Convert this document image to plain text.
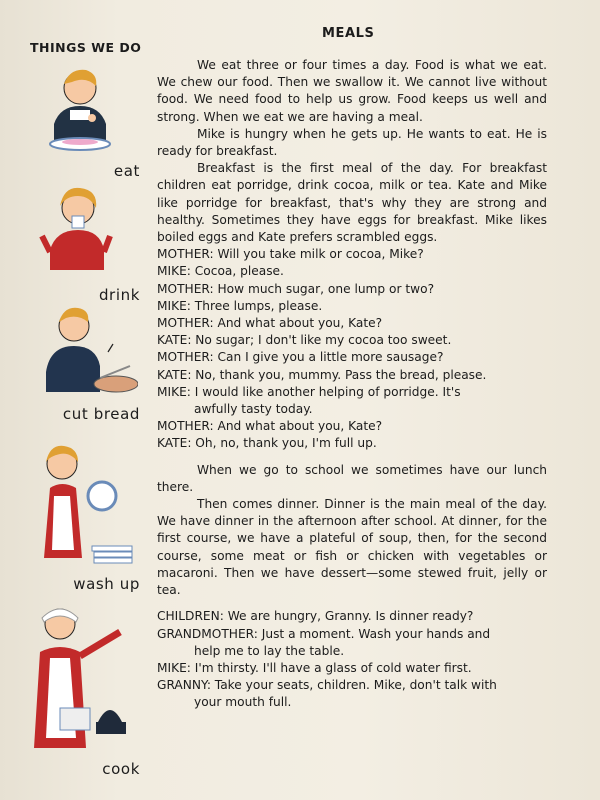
THINGS WE DO
MEALS
eat
drink
cut bread
wash up
cook

We eat three or four times a day. Food is what we eat. We chew our food. Then we swallow it. We cannot live without food. We need food to help us grow. Food keeps us well and strong. When we eat we are having a meal.

Mike is hungry when he gets up. He wants to eat. He is ready for breakfast.

Breakfast is the first meal of the day. For breakfast children eat porridge, drink cocoa, milk or tea. Kate and Mike like porridge for breakfast, that's why they are strong and healthy. Sometimes they have eggs for breakfast. Mike likes boiled eggs and Kate prefers scrambled eggs.

MOTHER: Will you take milk or cocoa, Mike?

MIKE: Cocoa, please.

MOTHER: How much sugar, one lump or two?

MIKE: Three lumps, please.

MOTHER: And what about you, Kate?

KATE: No sugar; I don't like my cocoa too sweet.

MOTHER: Can I give you a little more sausage?

KATE: No, thank you, mummy. Pass the bread, please.

MIKE: I would like another helping of porridge. It's
awfully tasty today.

MOTHER: And what about you, Kate?

KATE: Oh, no, thank you, I'm full up.

When we go to school we sometimes have our lunch there.

Then comes dinner. Dinner is the main meal of the day. We have dinner in the afternoon after school. At dinner, for the first course, we have a plateful of soup, then, for the second course, some meat or fish or chicken with vegetables or macaroni. Then we have dessert—some stewed fruit, jelly or tea.

CHILDREN: We are hungry, Granny. Is dinner ready?

GRANDMOTHER: Just a moment. Wash your hands and
help me to lay the table.

MIKE: I'm thirsty. I'll have a glass of cold water first.

GRANNY: Take your seats, children. Mike, don't talk with
your mouth full.
